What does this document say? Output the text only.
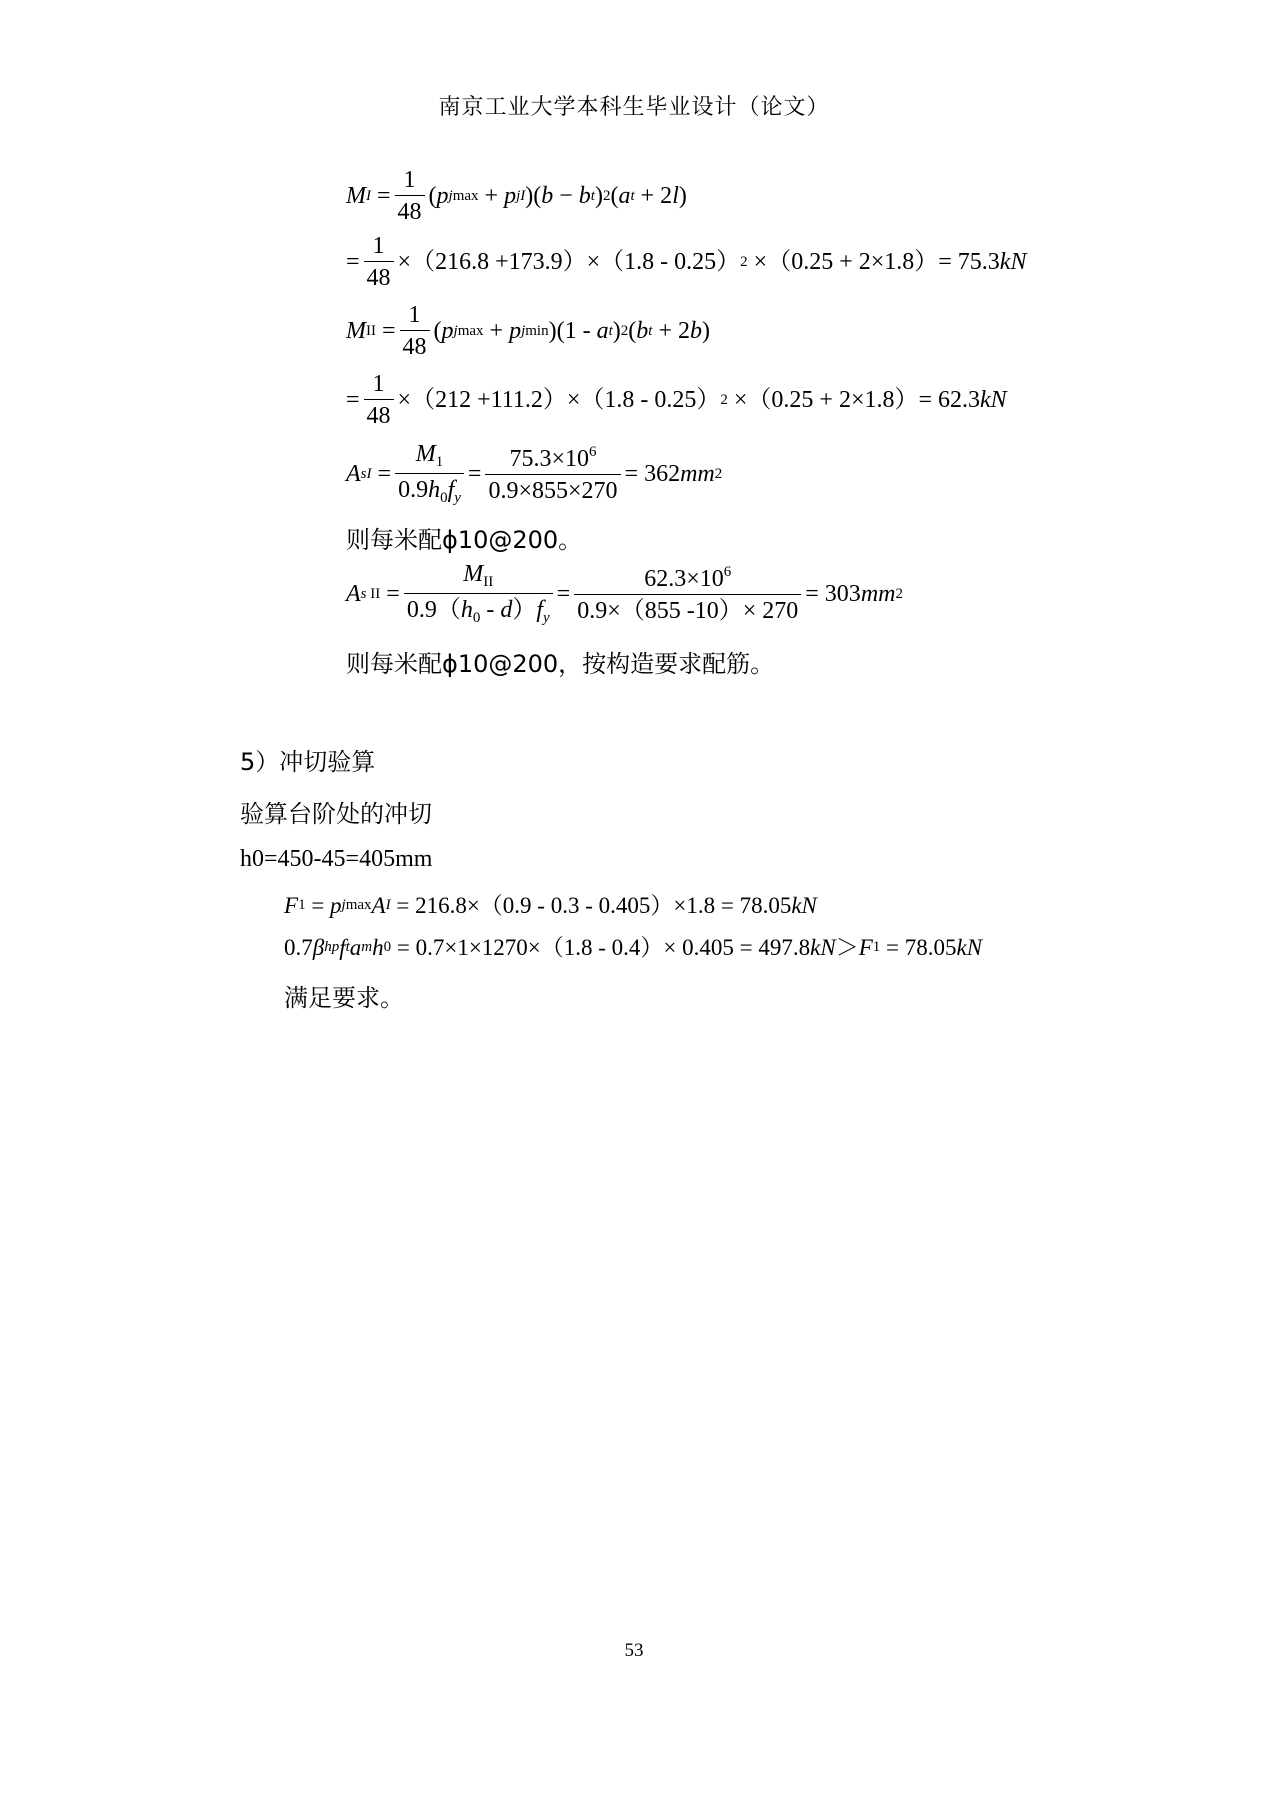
南京工业大学本科生毕业设计（论文）
M $I = \frac{1}{48}$ ( p jmax + p jI )( b − b t ) 2 ( a t + 2 l )
= $\frac{1}{48} \times(216.8 +173.9)\times(1.8 - 0.25)$ 2 ×（0.25 + 2×1.8）= 75.3 kN
M II = $\frac{1}{48}$ ( p jmax + p jmin )(1 - a t ) 2 ( b t + 2 b )
= $\frac{1}{48} \times(212 +111.2)\times(1.8 - 0.25)$ 2 ×（0.25 + 2×1.8）= 62.3 kN
A sI = $\frac{M_1}{0.9h_0f_y} = \frac{75.3\times 10^6}{0.9\times 855\times 270} = 362$ mm 2
则每米配ϕ10@200。
A s II = $\frac{M_{II}}{0.9(h_0 - d)f_y} = \frac{62.3\times 10^6}{0.9\times(855 -10)\times 270} = 303$ mm 2
则每米配ϕ10@200，按构造要求配筋。
5）冲切验算
验算台阶处的冲切
h0=450-45=405mm
F 1 = p jmax A I = 216.8×（0.9 - 0.3 - 0.405）×1.8 = 78.05 kN
0.7 β hp f t a m h 0 = 0.7×1×1270×（1.8 - 0.4）× 0.405 = 497.8 kN ＞ F 1 = 78.05 kN
满足要求。
53
